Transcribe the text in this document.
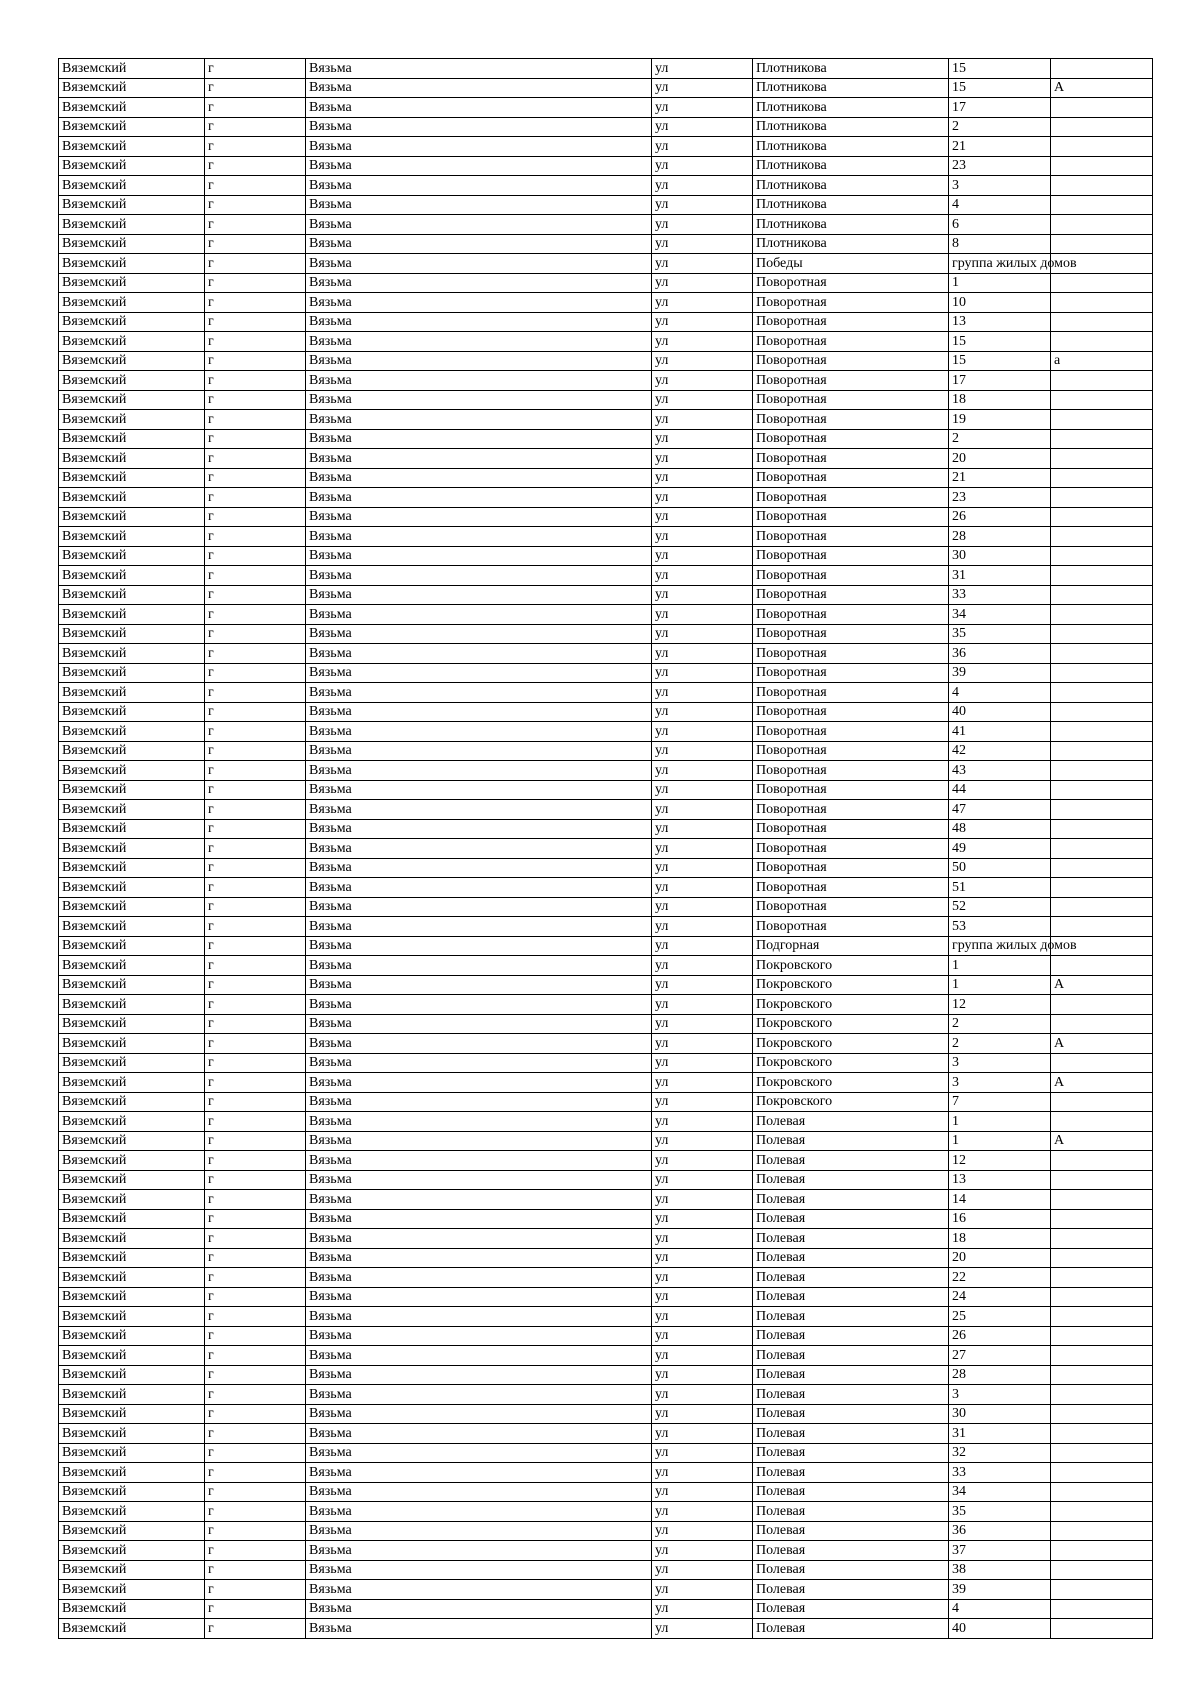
Вяземский	г	Вязьма	ул	Плотникова	15	
Вяземский	г	Вязьма	ул	Плотникова	15	А
Вяземский	г	Вязьма	ул	Плотникова	17	
Вяземский	г	Вязьма	ул	Плотникова	2	
Вяземский	г	Вязьма	ул	Плотникова	21	
Вяземский	г	Вязьма	ул	Плотникова	23	
Вяземский	г	Вязьма	ул	Плотникова	3	
Вяземский	г	Вязьма	ул	Плотникова	4	
Вяземский	г	Вязьма	ул	Плотникова	6	
Вяземский	г	Вязьма	ул	Плотникова	8	
Вяземский	г	Вязьма	ул	Победы	группа жилых домов	
Вяземский	г	Вязьма	ул	Поворотная	1	
Вяземский	г	Вязьма	ул	Поворотная	10	
Вяземский	г	Вязьма	ул	Поворотная	13	
Вяземский	г	Вязьма	ул	Поворотная	15	
Вяземский	г	Вязьма	ул	Поворотная	15	а
Вяземский	г	Вязьма	ул	Поворотная	17	
Вяземский	г	Вязьма	ул	Поворотная	18	
Вяземский	г	Вязьма	ул	Поворотная	19	
Вяземский	г	Вязьма	ул	Поворотная	2	
Вяземский	г	Вязьма	ул	Поворотная	20	
Вяземский	г	Вязьма	ул	Поворотная	21	
Вяземский	г	Вязьма	ул	Поворотная	23	
Вяземский	г	Вязьма	ул	Поворотная	26	
Вяземский	г	Вязьма	ул	Поворотная	28	
Вяземский	г	Вязьма	ул	Поворотная	30	
Вяземский	г	Вязьма	ул	Поворотная	31	
Вяземский	г	Вязьма	ул	Поворотная	33	
Вяземский	г	Вязьма	ул	Поворотная	34	
Вяземский	г	Вязьма	ул	Поворотная	35	
Вяземский	г	Вязьма	ул	Поворотная	36	
Вяземский	г	Вязьма	ул	Поворотная	39	
Вяземский	г	Вязьма	ул	Поворотная	4	
Вяземский	г	Вязьма	ул	Поворотная	40	
Вяземский	г	Вязьма	ул	Поворотная	41	
Вяземский	г	Вязьма	ул	Поворотная	42	
Вяземский	г	Вязьма	ул	Поворотная	43	
Вяземский	г	Вязьма	ул	Поворотная	44	
Вяземский	г	Вязьма	ул	Поворотная	47	
Вяземский	г	Вязьма	ул	Поворотная	48	
Вяземский	г	Вязьма	ул	Поворотная	49	
Вяземский	г	Вязьма	ул	Поворотная	50	
Вяземский	г	Вязьма	ул	Поворотная	51	
Вяземский	г	Вязьма	ул	Поворотная	52	
Вяземский	г	Вязьма	ул	Поворотная	53	
Вяземский	г	Вязьма	ул	Подгорная	группа жилых домов	
Вяземский	г	Вязьма	ул	Покровского	1	
Вяземский	г	Вязьма	ул	Покровского	1	А
Вяземский	г	Вязьма	ул	Покровского	12	
Вяземский	г	Вязьма	ул	Покровского	2	
Вяземский	г	Вязьма	ул	Покровского	2	А
Вяземский	г	Вязьма	ул	Покровского	3	
Вяземский	г	Вязьма	ул	Покровского	3	А
Вяземский	г	Вязьма	ул	Покровского	7	
Вяземский	г	Вязьма	ул	Полевая	1	
Вяземский	г	Вязьма	ул	Полевая	1	А
Вяземский	г	Вязьма	ул	Полевая	12	
Вяземский	г	Вязьма	ул	Полевая	13	
Вяземский	г	Вязьма	ул	Полевая	14	
Вяземский	г	Вязьма	ул	Полевая	16	
Вяземский	г	Вязьма	ул	Полевая	18	
Вяземский	г	Вязьма	ул	Полевая	20	
Вяземский	г	Вязьма	ул	Полевая	22	
Вяземский	г	Вязьма	ул	Полевая	24	
Вяземский	г	Вязьма	ул	Полевая	25	
Вяземский	г	Вязьма	ул	Полевая	26	
Вяземский	г	Вязьма	ул	Полевая	27	
Вяземский	г	Вязьма	ул	Полевая	28	
Вяземский	г	Вязьма	ул	Полевая	3	
Вяземский	г	Вязьма	ул	Полевая	30	
Вяземский	г	Вязьма	ул	Полевая	31	
Вяземский	г	Вязьма	ул	Полевая	32	
Вяземский	г	Вязьма	ул	Полевая	33	
Вяземский	г	Вязьма	ул	Полевая	34	
Вяземский	г	Вязьма	ул	Полевая	35	
Вяземский	г	Вязьма	ул	Полевая	36	
Вяземский	г	Вязьма	ул	Полевая	37	
Вяземский	г	Вязьма	ул	Полевая	38	
Вяземский	г	Вязьма	ул	Полевая	39	
Вяземский	г	Вязьма	ул	Полевая	4	
Вяземский	г	Вязьма	ул	Полевая	40	
